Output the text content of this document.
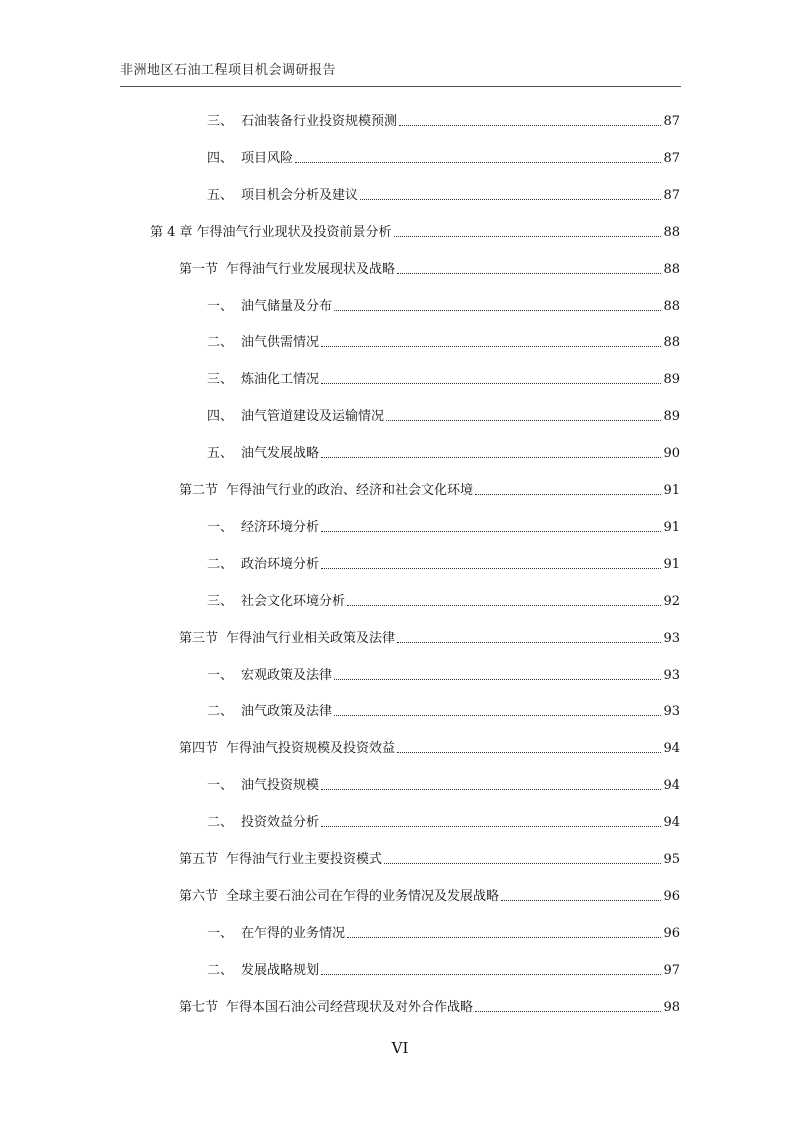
非洲地区石油工程项目机会调研报告
三、 石油装备行业投资规模预测	87
四、 项目风险	87
五、 项目机会分析及建议	87
第 4 章 乍得油气行业现状及投资前景分析	88
第一节 乍得油气行业发展现状及战略	88
一、 油气储量及分布	88
二、 油气供需情况	88
三、 炼油化工情况	89
四、 油气管道建设及运输情况	89
五、 油气发展战略	90
第二节 乍得油气行业的政治、经济和社会文化环境	91
一、 经济环境分析	91
二、 政治环境分析	91
三、 社会文化环境分析	92
第三节 乍得油气行业相关政策及法律	93
一、 宏观政策及法律	93
二、 油气政策及法律	93
第四节 乍得油气投资规模及投资效益	94
一、 油气投资规模	94
二、 投资效益分析	94
第五节 乍得油气行业主要投资模式	95
第六节 全球主要石油公司在乍得的业务情况及发展战略	96
一、 在乍得的业务情况	96
二、 发展战略规划	97
第七节 乍得本国石油公司经营现状及对外合作战略	98
VI
